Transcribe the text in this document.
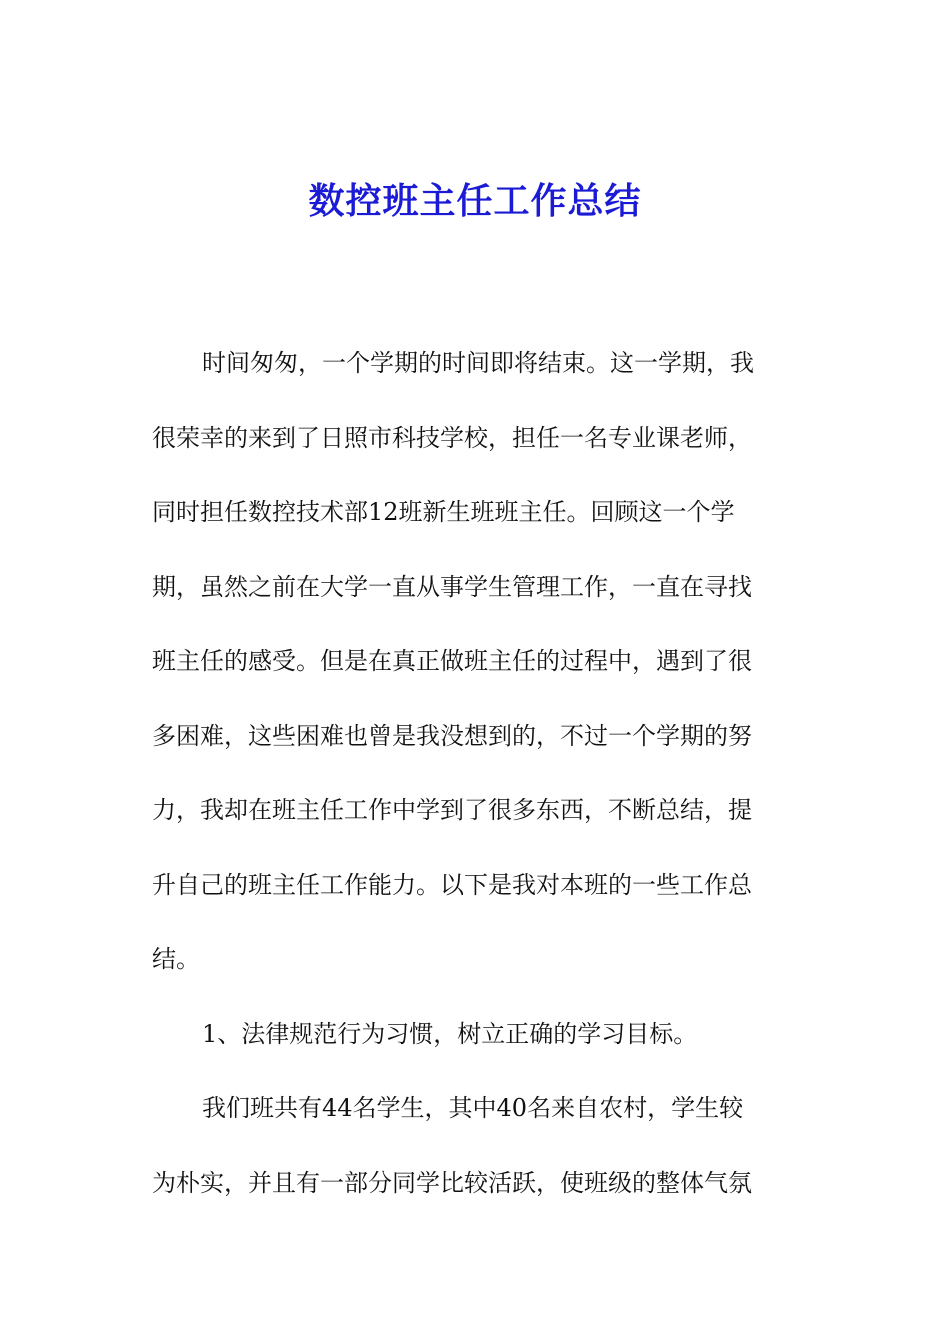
数控班主任工作总结
时间匆匆，一个学期的时间即将结束。这一学期，我
很荣幸的来到了日照市科技学校，担任一名专业课老师，
同时担任数控技术部12班新生班班主任。回顾这一个学
期，虽然之前在大学一直从事学生管理工作，一直在寻找
班主任的感受。但是在真正做班主任的过程中，遇到了很
多困难，这些困难也曾是我没想到的，不过一个学期的努
力，我却在班主任工作中学到了很多东西，不断总结，提
升自己的班主任工作能力。以下是我对本班的一些工作总
结。
1、法律规范行为习惯，树立正确的学习目标。
我们班共有44名学生，其中40名来自农村，学生较
为朴实，并且有一部分同学比较活跃，使班级的整体气氛
